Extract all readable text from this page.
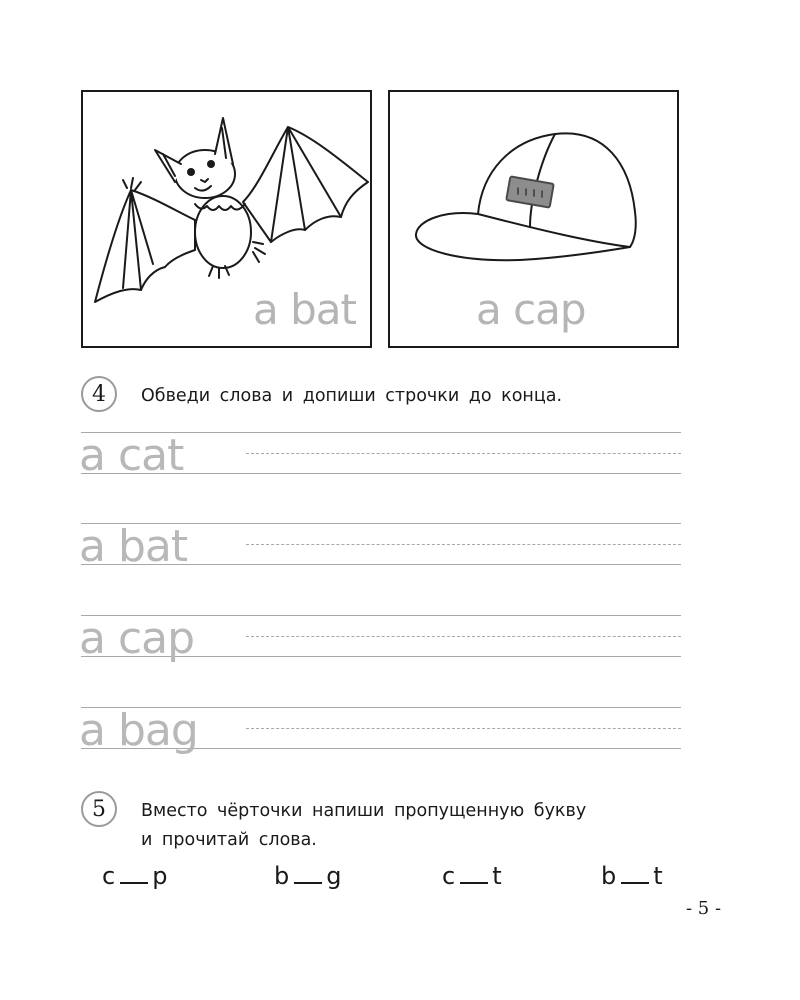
a bat	a cap
4	Обведи слова и допиши строчки до конца.
a cat
a bat
a cap
a bag
5	Вместо чёрточки напиши пропущенную букву
и прочитай слова.
c p	b g	c t	b t
- 5 -
